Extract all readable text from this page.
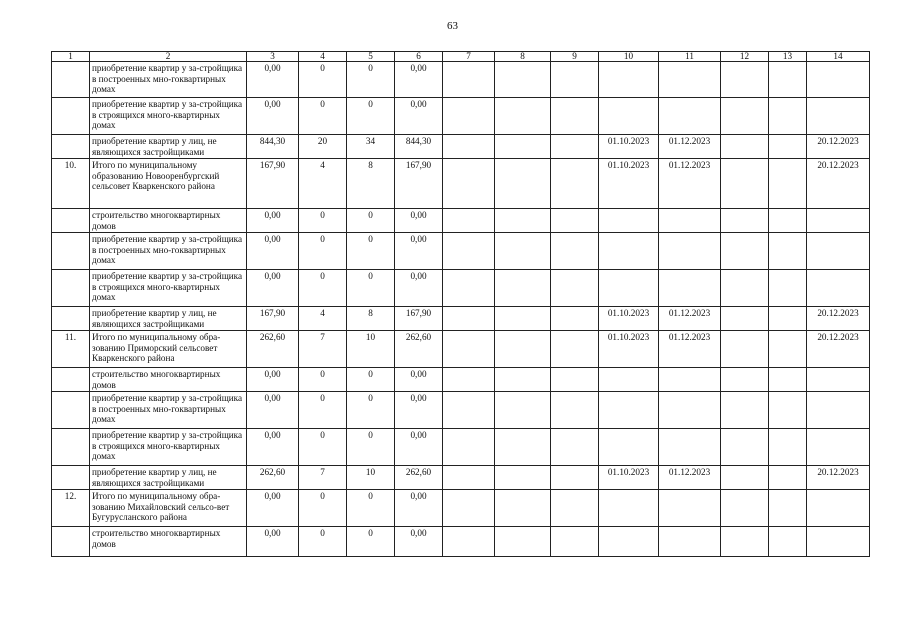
63
1	2	3	4	5	6	7	8	9	10	11	12	13	14
	приобретение квартир у за-стройщика в построенных мно-гоквартирных домах	0,00	0	0	0,00								
	приобретение квартир у за-стройщика в строящихся много-квартирных домах	0,00	0	0	0,00								
	приобретение квартир у лиц, не являющихся застройщиками	844,30	20	34	844,30				01.10.2023	01.12.2023			20.12.2023
10.	Итого по муниципальному образованию Новооренбургский сельсовет Кваркенского района	167,90	4	8	167,90				01.10.2023	01.12.2023			20.12.2023
	строительство многоквартирных домов	0,00	0	0	0,00								
	приобретение квартир у за-стройщика в построенных мно-гоквартирных домах	0,00	0	0	0,00								
	приобретение квартир у за-стройщика в строящихся много-квартирных домах	0,00	0	0	0,00								
	приобретение квартир у лиц, не являющихся застройщиками	167,90	4	8	167,90				01.10.2023	01.12.2023			20.12.2023
11.	Итого по муниципальному обра-зованию Приморский сельсовет Кваркенского района	262,60	7	10	262,60				01.10.2023	01.12.2023			20.12.2023
	строительство многоквартирных домов	0,00	0	0	0,00								
	приобретение квартир у за-стройщика в построенных мно-гоквартирных домах	0,00	0	0	0,00								
	приобретение квартир у за-стройщика в строящихся много-квартирных домах	0,00	0	0	0,00								
	приобретение квартир у лиц, не являющихся застройщиками	262,60	7	10	262,60				01.10.2023	01.12.2023			20.12.2023
12.	Итого по муниципальному обра-зованию Михайловский сельсо-вет Бугурусланского района	0,00	0	0	0,00								
	строительство многоквартирных домов	0,00	0	0	0,00								
